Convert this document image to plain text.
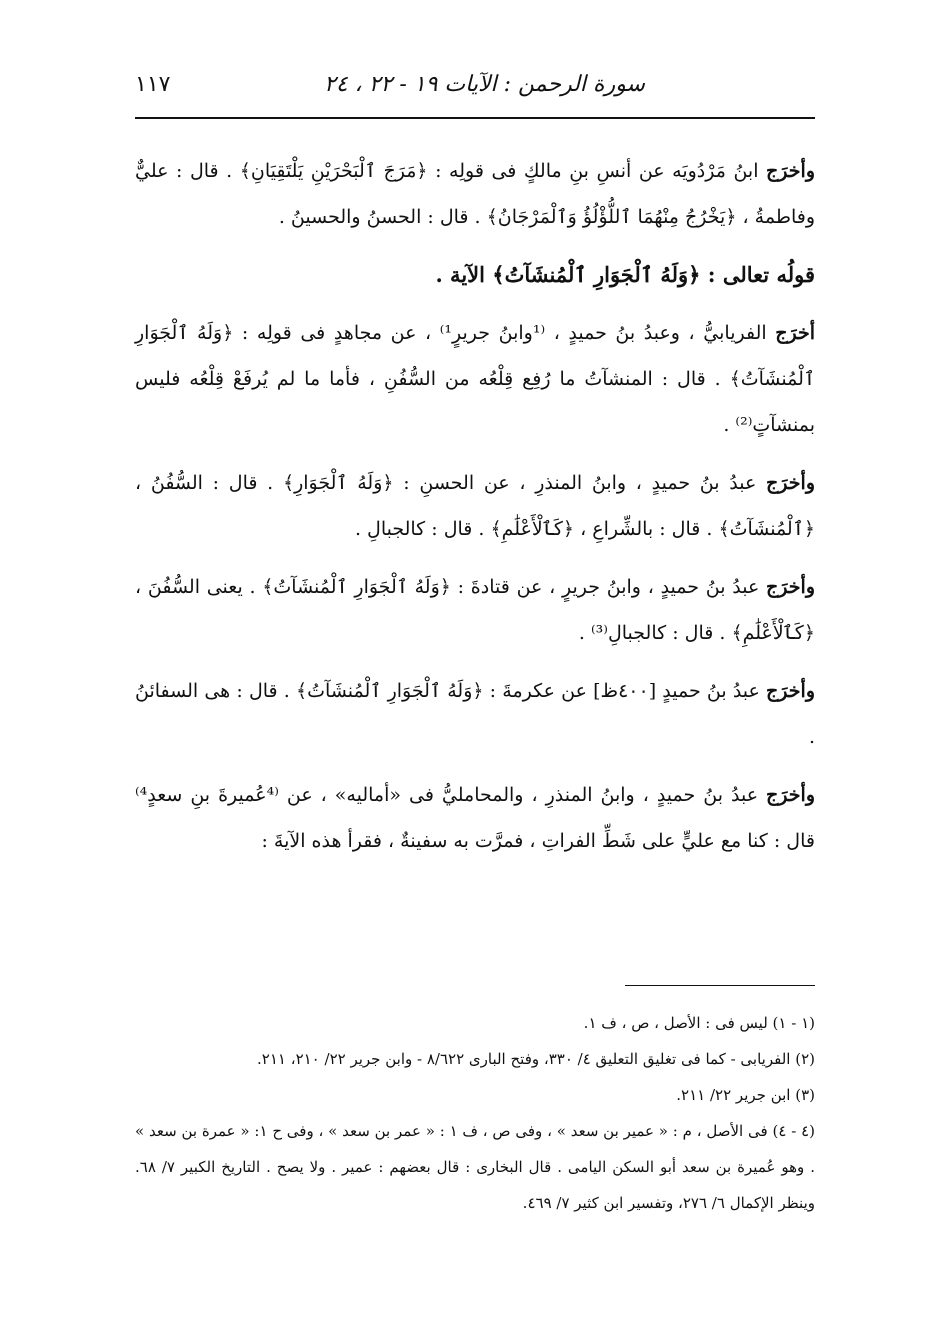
سورة الرحمن : الآيات ١٩ - ٢٢ ، ٢٤
١١٧

وأخرَج ابنُ مَرْدُويَه عن أنسِ بنِ مالكٍ فى قولِه : ﴿مَرَجَ ٱلْبَحْرَيْنِ يَلْتَقِيَانِ﴾ . قال : عليٌّ وفاطمةُ ، ﴿يَخْرُجُ مِنْهُمَا ٱللُّؤْلُؤُ وَٱلْمَرْجَانُ﴾ . قال : الحسنُ والحسينُ .

قولُه تعالى : ﴿وَلَهُ ٱلْجَوَارِ ٱلْمُنشَآتُ﴾ الآية .

أخرَج الفريابيُّ ، وعبدُ بنُ حميدٍ ، ⁽¹وابنُ جريرٍ¹⁾ ، عن مجاهدٍ فى قولِه : ﴿وَلَهُ ٱلْجَوَارِ ٱلْمُنشَآتُ﴾ . قال : المنشآتُ ما رُفِع قِلْعُه من السُّفُنِ ، فأما ما لم يُرفَعْ قِلْعُه فليس بمنشآتٍ⁽²⁾ .

وأخرَج عبدُ بنُ حميدٍ ، وابنُ المنذرِ ، عن الحسنِ : ﴿وَلَهُ ٱلْجَوَارِ﴾ . قال : السُّفُنُ ، ﴿ٱلْمُنشَآتُ﴾ . قال : بالشِّراعِ ، ﴿كَٱلْأَعْلَٰمِ﴾ . قال : كالجبالِ .

وأخرَج عبدُ بنُ حميدٍ ، وابنُ جريرٍ ، عن قتادةَ : ﴿وَلَهُ ٱلْجَوَارِ ٱلْمُنشَآتُ﴾ . يعنى السُّفُنَ ، ﴿كَٱلْأَعْلَٰمِ﴾ . قال : كالجبالِ⁽³⁾ .

وأخرَج عبدُ بنُ حميدٍ [٤٠٠ظ] عن عكرمةَ : ﴿وَلَهُ ٱلْجَوَارِ ٱلْمُنشَآتُ﴾ . قال : هى السفائنُ .

وأخرَج عبدُ بنُ حميدٍ ، وابنُ المنذرِ ، والمحامليُّ فى «أماليه» ، عن ⁽⁴عُميرةَ بنِ سعدٍ⁴⁾ قال : كنا مع عليٍّ على شَطِّ الفراتِ ، فمرَّت به سفينةٌ ، فقرأ هذه الآيةَ :

(١ - ١) ليس فى : الأصل ، ص ، ف ١.

(٢) الفريابى - كما فى تغليق التعليق ٤/ ٣٣٠، وفتح البارى ٨/٦٢٢ - وابن جرير ٢٢/ ٢١٠، ٢١١.

(٣) ابن جرير ٢٢/ ٢١١.

(٤ - ٤) فى الأصل ، م : « عمير بن سعد » ، وفى ص ، ف ١ : « عمر بن سعد » ، وفى ح ١: « عمرة بن سعد » . وهو عُميرة بن سعد أبو السكن اليامى . قال البخارى : قال بعضهم : عمير . ولا يصح . التاريخ الكبير ٧/ ٦٨. وينظر الإكمال ٦/ ٢٧٦، وتفسير ابن كثير ٧/ ٤٦٩.
